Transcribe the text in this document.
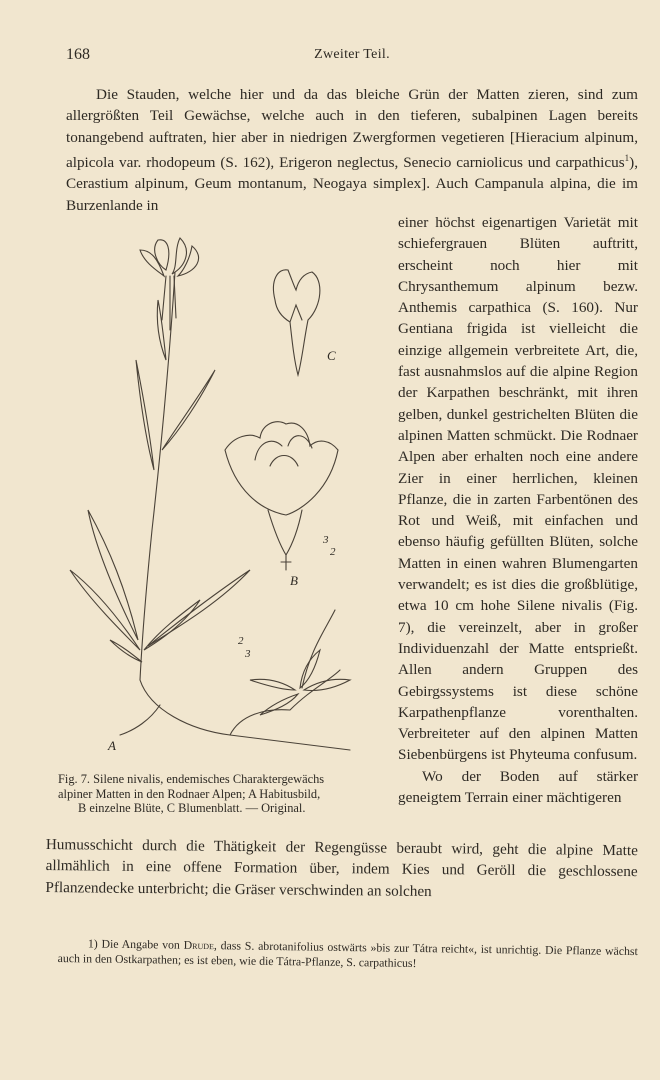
168	Zweiter Teil.

Die Stauden, welche hier und da das bleiche Grün der Matten zieren, sind zum allergrößten Teil Gewächse, welche auch in den tieferen, subalpinen Lagen bereits tonangebend auftraten, hier aber in niedrigen Zwergformen vegetieren [Hieracium alpinum, alpicola var. rhodopeum (S. 162), Erigeron neglectus, Senecio carniolicus und carpathicus$^1$), Cerastium alpinum, Geum montanum, Neogaya simplex]. Auch Campanula alpina, die im Burzenlande in

einer höchst eigenartigen Varietät mit schiefergrauen Blüten auftritt, erscheint noch hier mit Chrysanthemum alpinum bezw. Anthemis carpathica (S. 160). Nur Gentiana frigida ist vielleicht die einzige allgemein verbreitete Art, die, fast ausnahmslos auf die alpine Region der Karpathen beschränkt, mit ihren gelben, dunkel gestrichelten Blüten die alpinen Matten schmückt. Die Rodnaer Alpen aber erhalten noch eine andere Zier in einer herrlichen, kleinen Pflanze, die in zarten Farbentönen des Rot und Weiß, mit einfachen und ebenso häufig gefüllten Blüten, solche Matten in einen wahren Blumengarten verwandelt; es ist dies die großblütige, etwa 10 cm hohe Silene nivalis (Fig. 7), die vereinzelt, aber in großer Individuenzahl der Matte entsprießt. Allen andern Gruppen des Gebirgssystems ist diese schöne Karpathenpflanze vorenthalten. Verbreiteter auf den alpinen Matten Siebenbürgens ist Phyteuma confusum.

Wo der Boden auf stärker geneigtem Terrain einer mächtigeren

C
B
A
3
2
2
3

Fig. 7. Silene nivalis, endemisches Charaktergewächs

alpiner Matten in den Rodnaer Alpen; A Habitusbild,

B einzelne Blüte, C Blumenblatt. — Original.

Humusschicht durch die Thätigkeit der Regengüsse beraubt wird, geht die alpine Matte allmählich in eine offene Formation über, indem Kies und Geröll die geschlossene Pflanzendecke unterbricht; die Gräser verschwinden an solchen

1) Die Angabe von Drude, dass S. abrotanifolius ostwärts »bis zur Tátra reicht«, ist unrichtig. Die Pflanze wächst auch in den Ostkarpathen; es ist eben, wie die Tátra-Pflanze, S. carpathicus!
